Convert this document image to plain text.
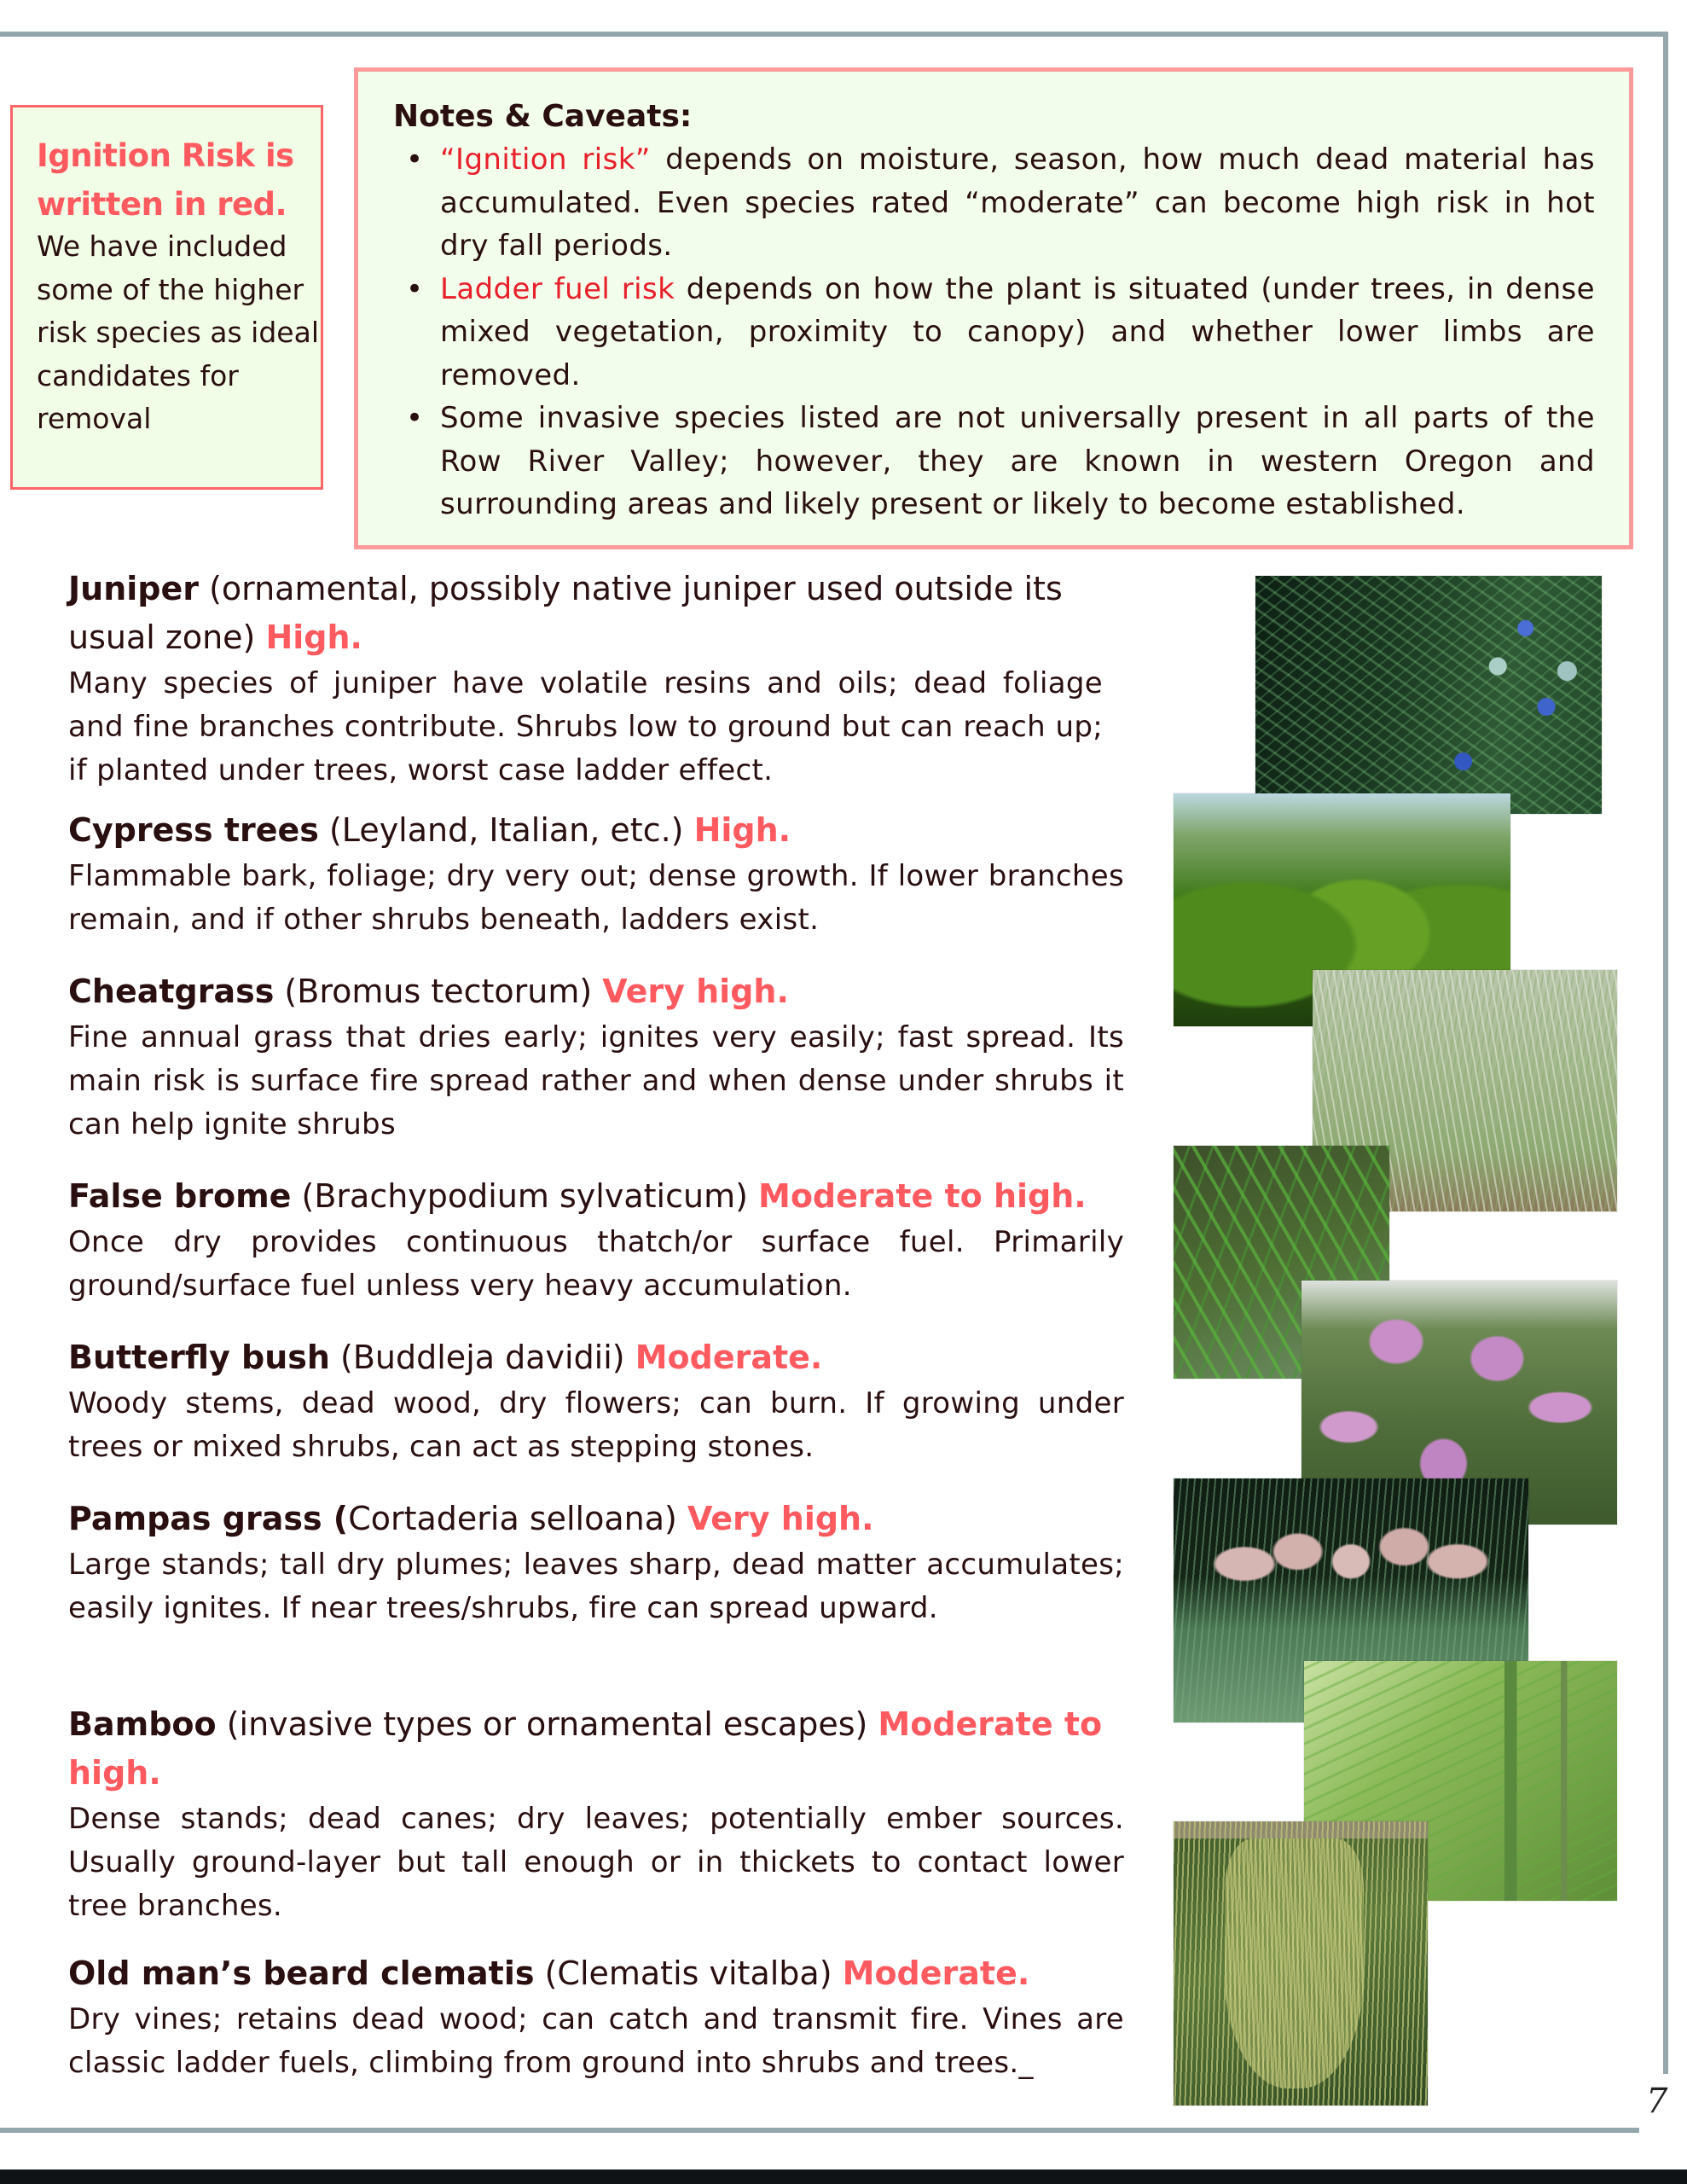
Ignition Risk is written in red.
We have included some of the higher risk species as ideal candidates for removal
Notes & Caveats:
• “Ignition risk” depends on moisture, season, how much dead material has accumulated. Even species rated “moderate” can become high risk in hot dry fall periods.
• Ladder fuel risk depends on how the plant is situated (under trees, in dense mixed vegetation, proximity to canopy) and whether lower limbs are removed.
• Some invasive species listed are not universally present in all parts of the Row River Valley; however, they are known in western Oregon and surrounding areas and likely present or likely to become established.
Juniper (ornamental, possibly native juniper used outside its usual zone) High.
Many species of juniper have volatile resins and oils; dead foliage and fine branches contribute. Shrubs low to ground but can reach up; if planted under trees, worst case ladder effect.
Cypress trees (Leyland, Italian, etc.) High.
Flammable bark, foliage; dry very out; dense growth. If lower branches remain, and if other shrubs beneath, ladders exist.
Cheatgrass (Bromus tectorum) Very high.
Fine annual grass that dries early; ignites very easily; fast spread. Its main risk is surface fire spread rather and when dense under shrubs it can help ignite shrubs
False brome (Brachypodium sylvaticum) Moderate to high.
Once dry provides continuous thatch/or surface fuel. Primarily ground/surface fuel unless very heavy accumulation.
Butterfly bush (Buddleja davidii) Moderate.
Woody stems, dead wood, dry flowers; can burn. If growing under trees or mixed shrubs, can act as stepping stones.
Pampas grass (Cortaderia selloana) Very high.
Large stands; tall dry plumes; leaves sharp, dead matter accumulates; easily ignites. If near trees/shrubs, fire can spread upward.
Bamboo (invasive types or ornamental escapes) Moderate to high.
Dense stands; dead canes; dry leaves; potentially ember sources. Usually ground-layer but tall enough or in thickets to contact lower tree branches.
Old man’s beard clematis (Clematis vitalba) Moderate.
Dry vines; retains dead wood; can catch and transmit fire. Vines are classic ladder fuels, climbing from ground into shrubs and trees._
7
